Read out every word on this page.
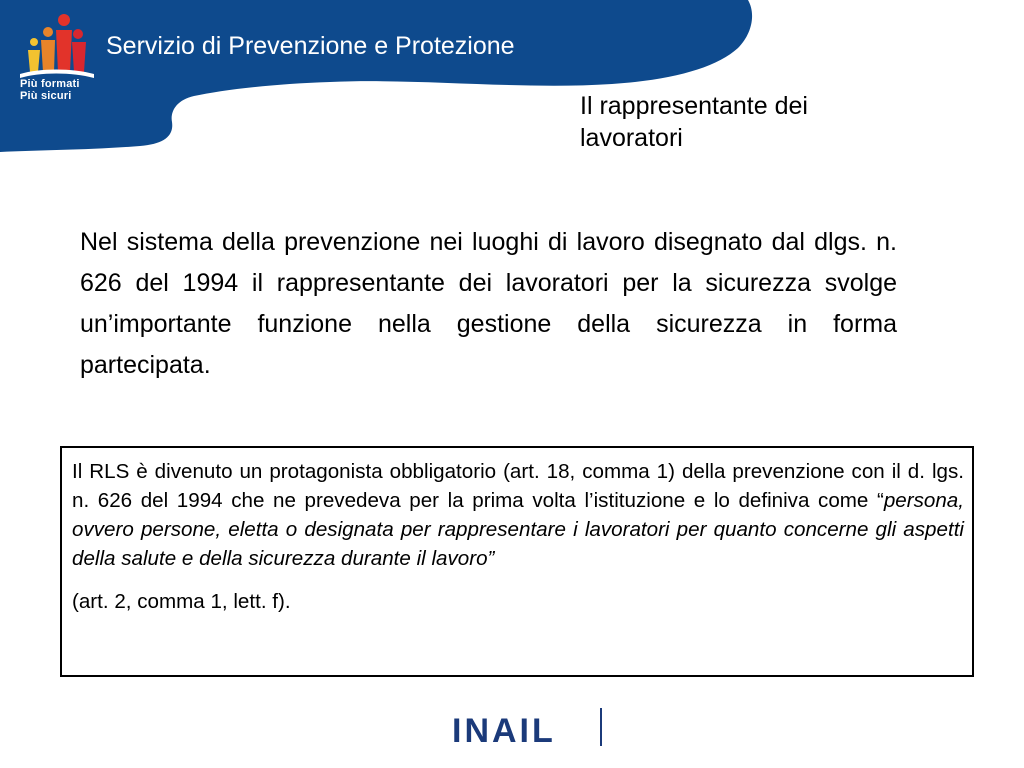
Più formati
Più sicuri
Servizio di Prevenzione e Protezione
Il rappresentante dei lavoratori
Nel sistema della prevenzione nei luoghi di lavoro disegnato dal dlgs. n. 626 del 1994 il rappresentante dei lavoratori per la sicurezza svolge un’importante funzione nella gestione della sicurezza in forma partecipata.

Il RLS è divenuto un protagonista obbligatorio (art. 18, comma 1) della prevenzione con il d. lgs. n. 626 del 1994 che ne prevedeva per la prima volta l’istituzione e lo definiva come “persona, ovvero persone, eletta o designata per rappresentare i lavoratori per quanto concerne gli aspetti della salute e della sicurezza durante il lavoro”

(art. 2, comma 1, lett. f).

INAIL
